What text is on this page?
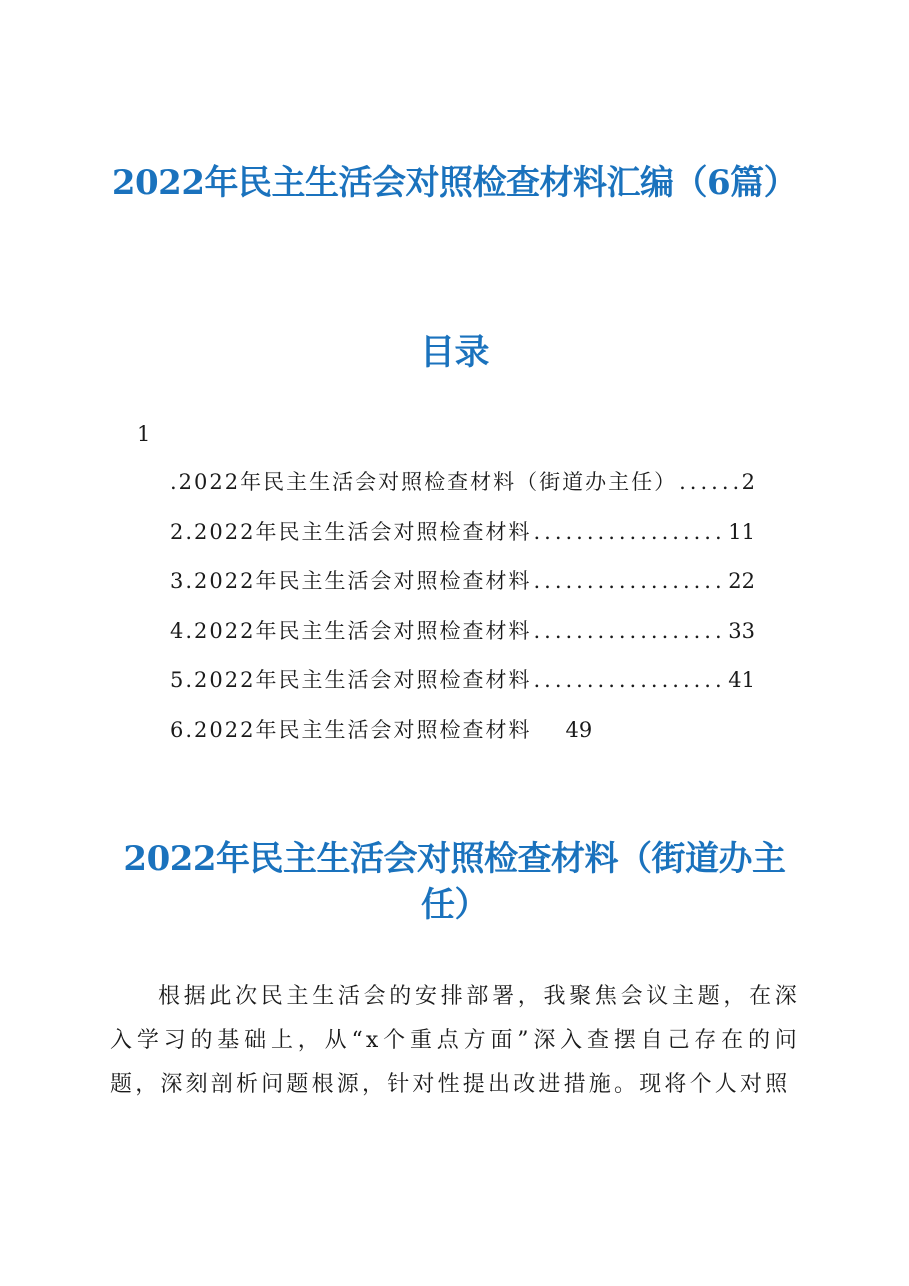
2022年民主生活会对照检查材料汇编（6篇）
目录
1
.2022年民主生活会对照检查材料（街道办主任） .....	2
2.2022年民主生活会对照检查材料 .....	11
3.2022年民主生活会对照检查材料 .....	22
4.2022年民主生活会对照检查材料 .....	33
5.2022年民主生活会对照检查材料 .....	41
6.2022年民主生活会对照检查材料 49
2022年民主生活会对照检查材料（街道办主任）

根据此次民主生活会的安排部署，我聚焦会议主题，在深入学习的基础上，从“x个重点方面”深入查摆自己存在的问题，深刻剖析问题根源，针对性提出改进措施。现将个人对照
